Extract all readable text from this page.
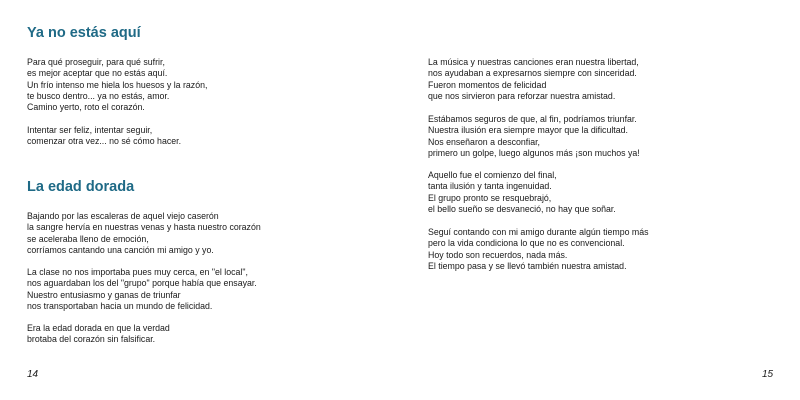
Ya no estás aquí
Para qué proseguir, para qué sufrir,
es mejor aceptar que no estás aquí.
Un frío intenso me hiela los huesos y la razón,
te busco dentro... ya no estás, amor.
Camino yerto, roto el corazón.
Intentar ser feliz, intentar seguir,
comenzar otra vez... no sé cómo hacer.
La edad dorada
Bajando por las escaleras de aquel viejo caserón
la sangre hervía en nuestras venas y hasta nuestro corazón
se aceleraba lleno de emoción,
corríamos cantando una canción mi amigo y yo.
La clase no nos importaba pues muy cerca, en "el local",
nos aguardaban los del "grupo" porque había que ensayar.
Nuestro entusiasmo y ganas de triunfar
nos transportaban hacia un mundo de felicidad.
Era la edad dorada en que la verdad
brotaba del corazón sin falsificar.
14
La música y nuestras canciones eran nuestra libertad,
nos ayudaban a expresarnos siempre con sinceridad.
Fueron momentos de felicidad
que nos sirvieron para reforzar nuestra amistad.
Estábamos seguros de que, al fin, podríamos triunfar.
Nuestra ilusión era siempre mayor que la dificultad.
Nos enseñaron a desconfiar,
primero un golpe, luego algunos más ¡son muchos ya!
Aquello fue el comienzo del final,
tanta ilusión y tanta ingenuidad.
El grupo pronto se resquebrajó,
el bello sueño se desvaneció, no hay que soñar.
Seguí contando con mi amigo durante algún tiempo más
pero la vida condiciona lo que no es convencional.
Hoy todo son recuerdos, nada más.
El tiempo pasa y se llevó también nuestra amistad.
15
